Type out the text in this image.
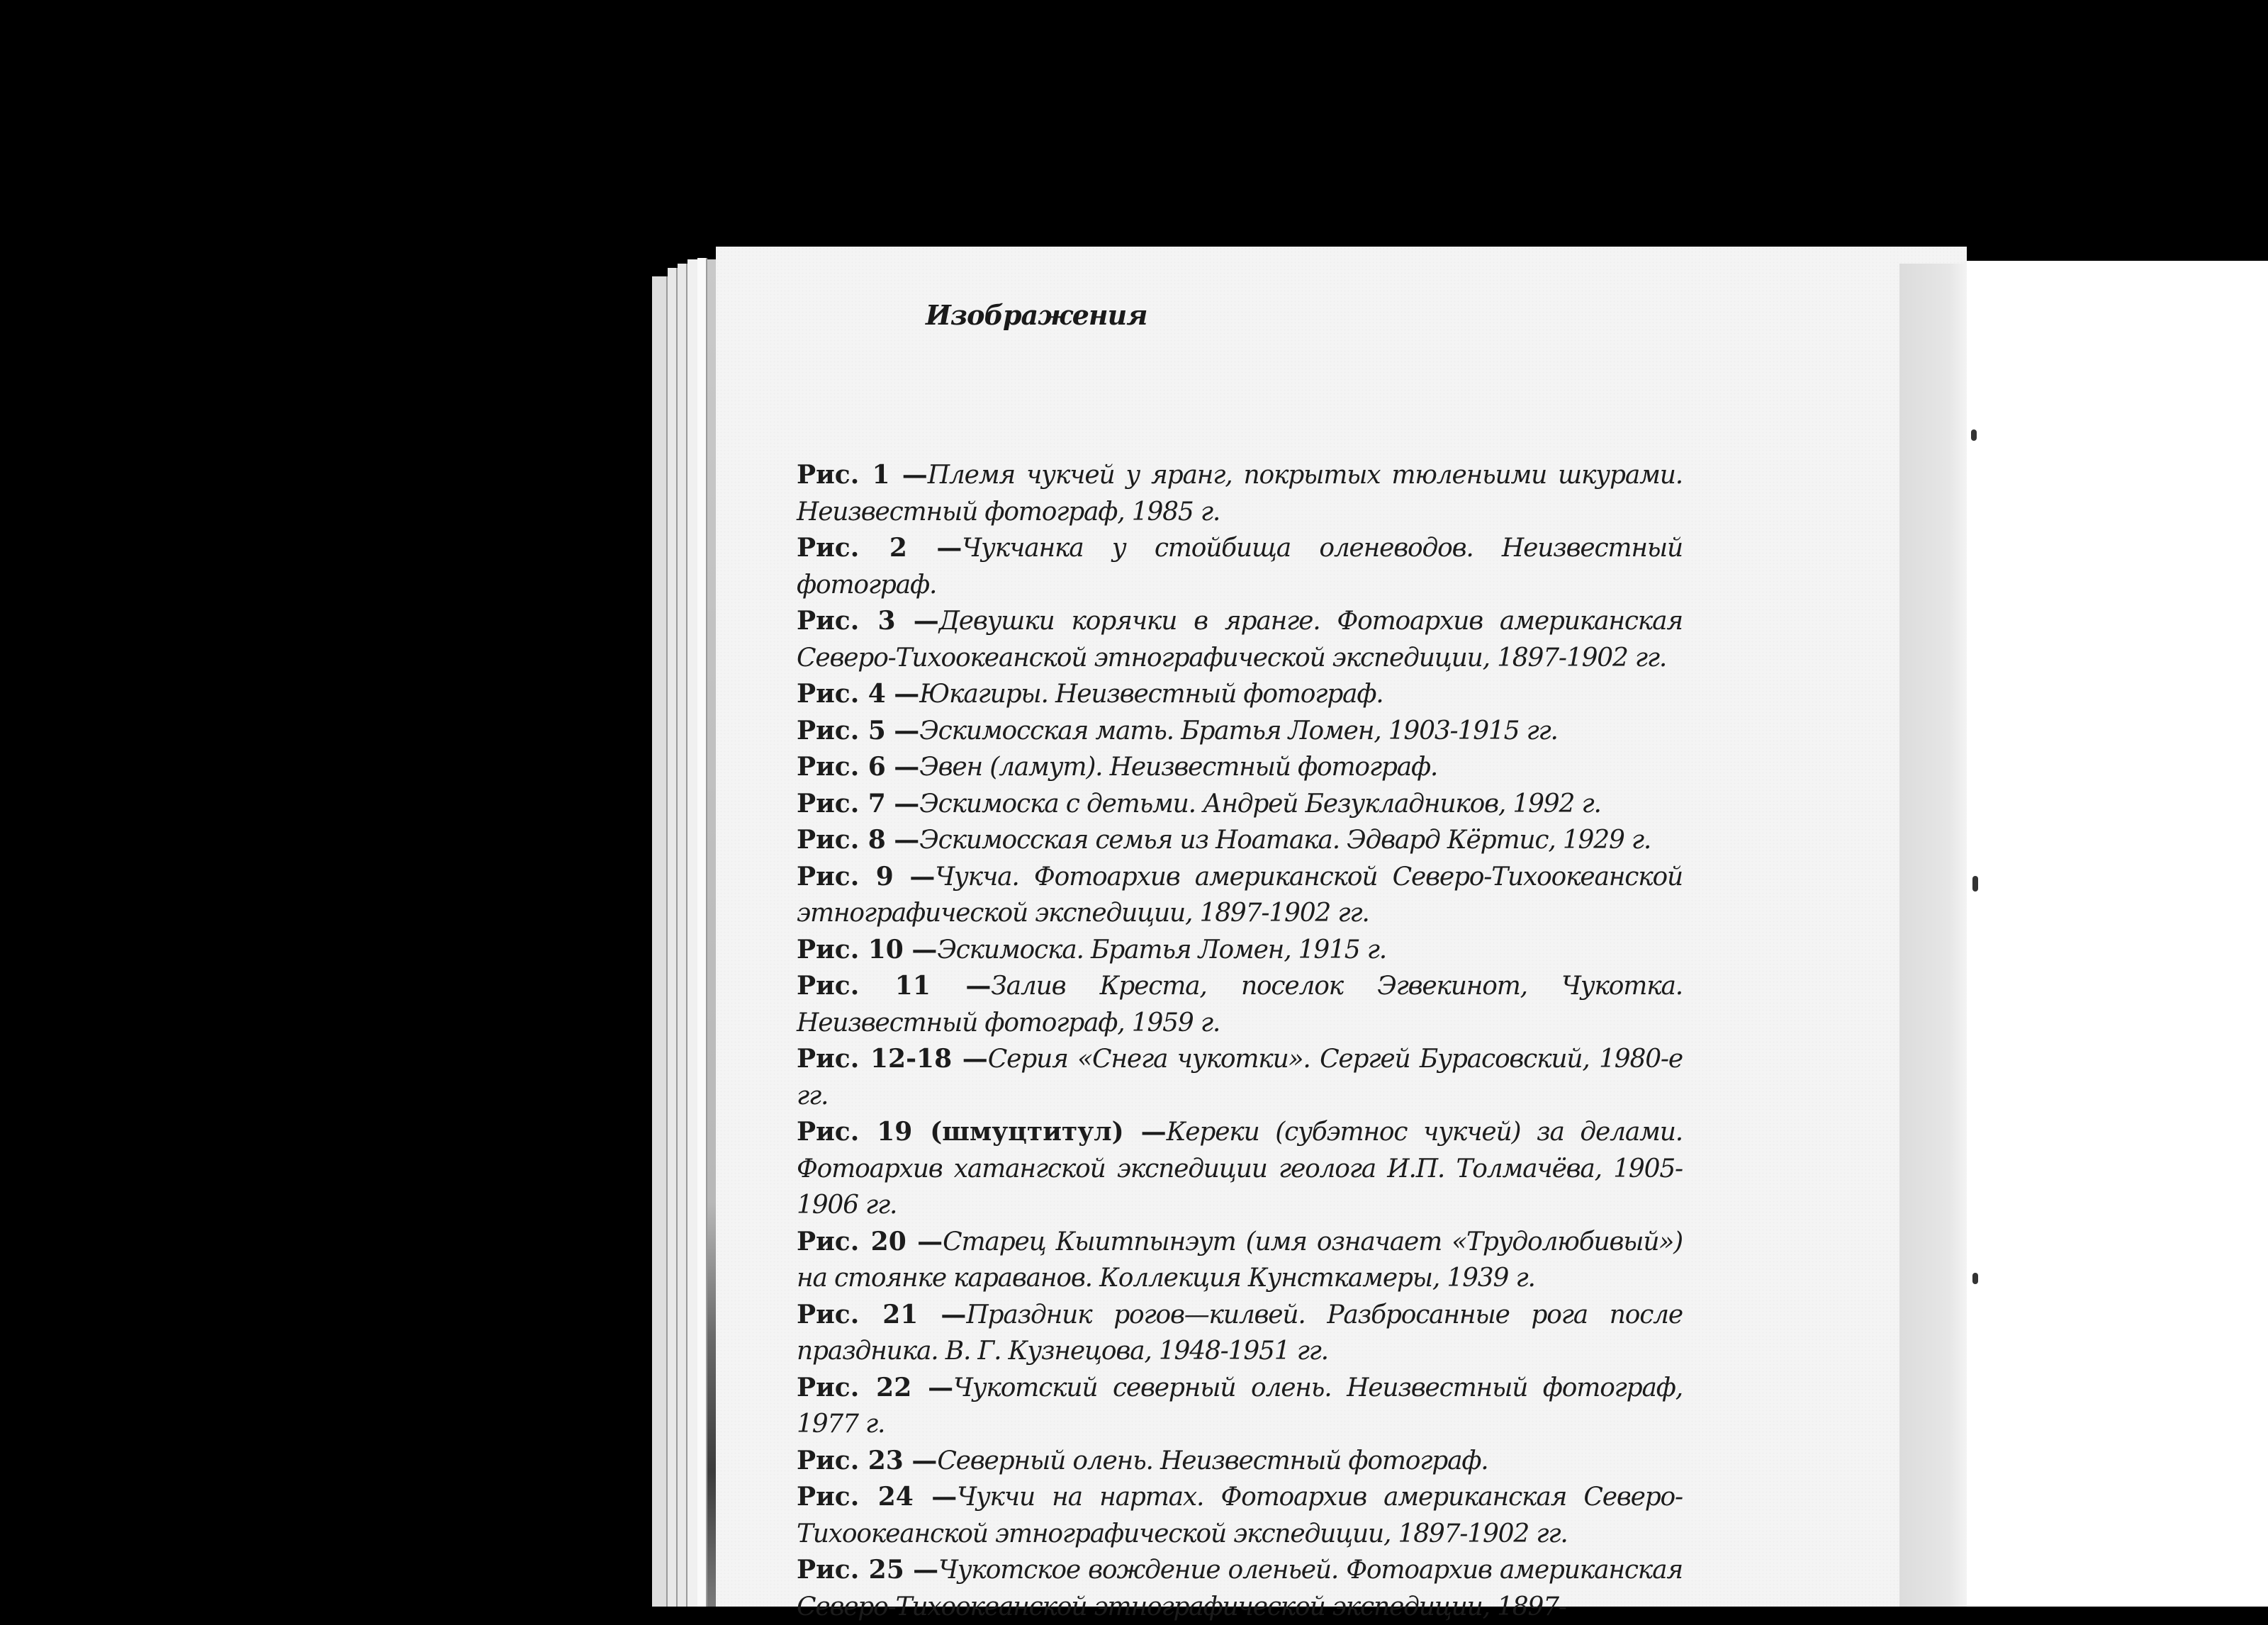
Изображения
Рис. 1 —Племя чукчей у яранг, покрытых тюленьими шкурами. Неизвестный фотограф, 1985 г.
Рис. 2 —Чукчанка у стойбища оленеводов. Неизвестный фотограф.
Рис. 3 —Девушки корячки в яранге. Фотоархив американская Северо-Тихоокеанской этнографической экспедиции, 1897-1902 гг.
Рис. 4 —Юкагиры. Неизвестный фотограф.
Рис. 5 —Эскимосская мать. Братья Ломен, 1903-1915 гг.
Рис. 6 —Эвен (ламут). Неизвестный фотограф.
Рис. 7 —Эскимоска с детьми. Андрей Безукладников, 1992 г.
Рис. 8 —Эскимосская семья из Ноатака. Эдвард Кёртис, 1929 г.
Рис. 9 —Чукча. Фотоархив американской Северо-Тихоокеанской этнографической экспедиции, 1897-1902 гг.
Рис. 10 —Эскимоска. Братья Ломен, 1915 г.
Рис. 11 —Залив Креста, поселок Эгвекинот, Чукотка. Неизвестный фотограф, 1959 г.
Рис. 12-18 —Серия «Снега чукотки». Сергей Бурасовский, 1980-е гг.
Рис. 19 (шмуцтитул) —Кереки (субэтнос чукчей) за делами. Фотоархив хатангской экспедиции геолога И.П. Толмачёва, 1905-1906 гг.
Рис. 20 —Старец Кыитпынэут (имя означает «Трудолюбивый») на стоянке караванов. Коллекция Кунсткамеры, 1939 г.
Рис. 21 —Праздник рогов—килвей. Разбросанные рога после праздника. В. Г. Кузнецова, 1948-1951 гг.
Рис. 22 —Чукотский северный олень. Неизвестный фотограф, 1977 г.
Рис. 23 —Северный олень. Неизвестный фотограф.
Рис. 24 —Чукчи на нартах. Фотоархив американская Северо-Тихоокеанской этнографической экспедиции, 1897-1902 гг.
Рис. 25 —Чукотское вождение оленьей. Фотоархив американская Северо-Тихоокеанской этнографической экспедиции, 1897-
